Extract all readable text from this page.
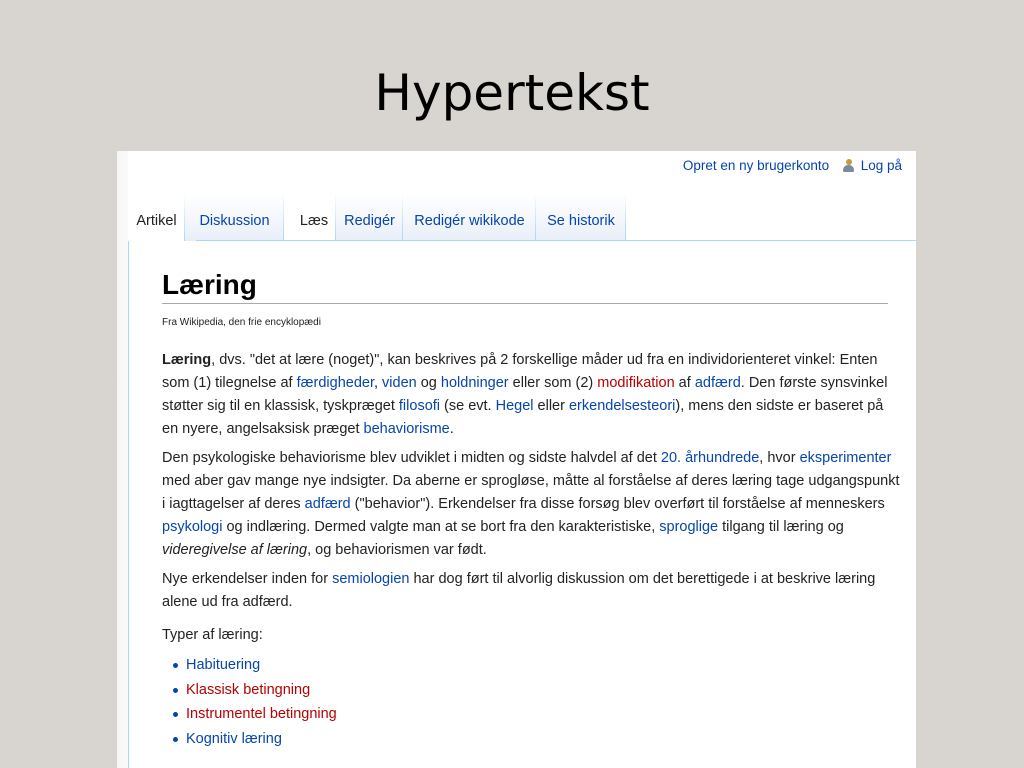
Hypertekst
Opret en ny brugerkonto Log på
Artikel	Diskussion	Læs	Redigér	Redigér wikikode	Se historik
Søg
Læring
Fra Wikipedia, den frie encyklopædi

Læring, dvs. "det at lære (noget)", kan beskrives på 2 forskellige måder ud fra en individorienteret vinkel: Enten som (1) tilegnelse af færdigheder, viden og holdninger eller som (2) modifikation af adfærd. Den første synsvinkel støtter sig til en klassisk, tyskpræget filosofi (se evt. Hegel eller erkendelsesteori), mens den sidste er baseret på en nyere, angelsaksisk præget behaviorisme.

Den psykologiske behaviorisme blev udviklet i midten og sidste halvdel af det 20. århundrede, hvor eksperimenter med aber gav mange nye indsigter. Da aberne er sprogløse, måtte al forståelse af deres læring tage udgangspunkt i iagttagelser af deres adfærd ("behavior"). Erkendelser fra disse forsøg blev overført til forståelse af menneskers psykologi og indlæring. Dermed valgte man at se bort fra den karakteristiske, sproglige tilgang til læring og videregivelse af læring, og behaviorismen var født.

Nye erkendelser inden for semiologien har dog ført til alvorlig diskussion om det berettigede i at beskrive læring alene ud fra adfærd.

Typer af læring:
Habituering
Klassisk betingning
Instrumentel betingning
Kognitiv læring
